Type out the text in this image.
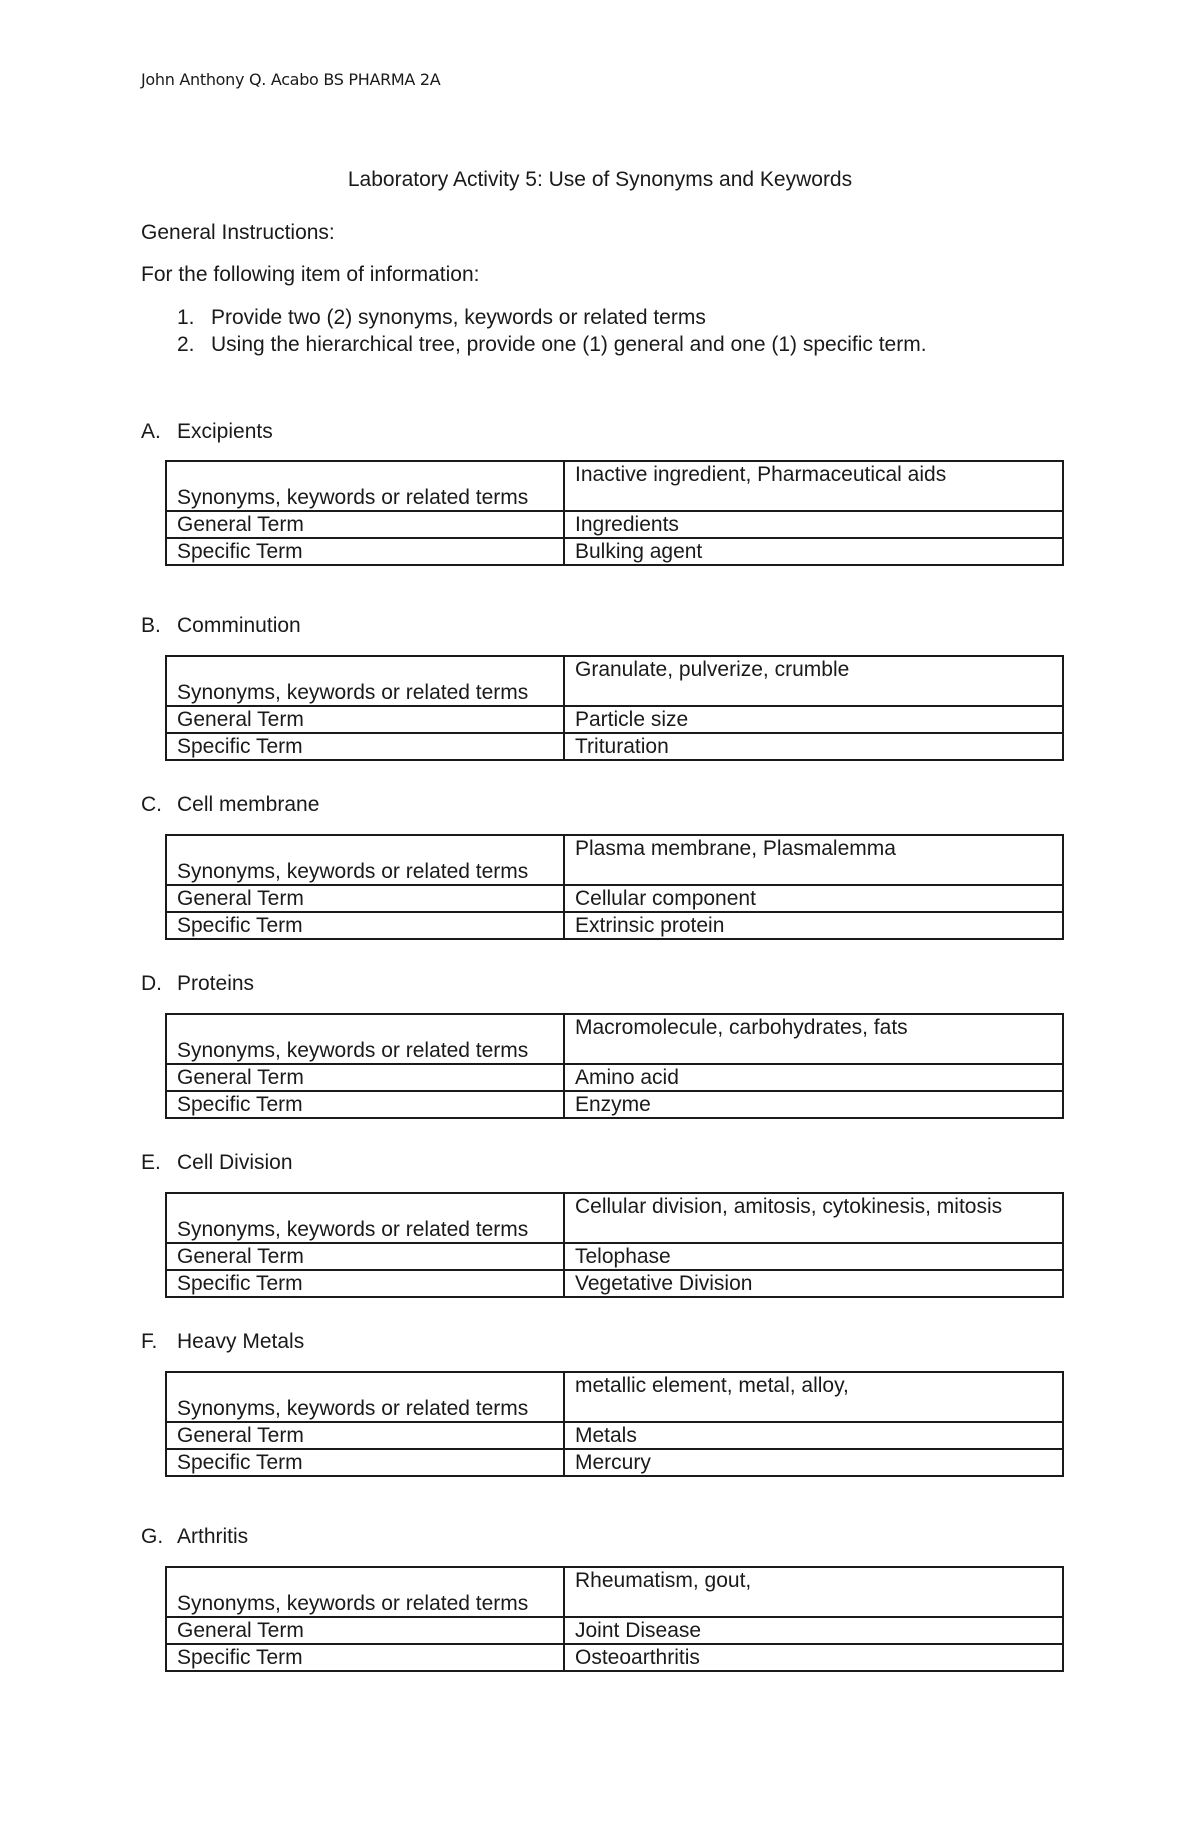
John Anthony Q. Acabo BS PHARMA 2A
Laboratory Activity 5: Use of Synonyms and Keywords
General Instructions:
For the following item of information:
1. Provide two (2) synonyms, keywords or related terms
2. Using the hierarchical tree, provide one (1) general and one (1) specific term.
A. Excipients
Synonyms, keywords or related terms	Inactive ingredient, Pharmaceutical aids
General Term	Ingredients
Specific Term	Bulking agent
B. Comminution
Synonyms, keywords or related terms	Granulate, pulverize, crumble
General Term	Particle size
Specific Term	Trituration
C. Cell membrane
Synonyms, keywords or related terms	Plasma membrane, Plasmalemma
General Term	Cellular component
Specific Term	Extrinsic protein
D. Proteins
Synonyms, keywords or related terms	Macromolecule, carbohydrates, fats
General Term	Amino acid
Specific Term	Enzyme
E. Cell Division
Synonyms, keywords or related terms	Cellular division, amitosis, cytokinesis, mitosis
General Term	Telophase
Specific Term	Vegetative Division
F. Heavy Metals
Synonyms, keywords or related terms	metallic element, metal, alloy,
General Term	Metals
Specific Term	Mercury
G. Arthritis
Synonyms, keywords or related terms	Rheumatism, gout,
General Term	Joint Disease
Specific Term	Osteoarthritis
